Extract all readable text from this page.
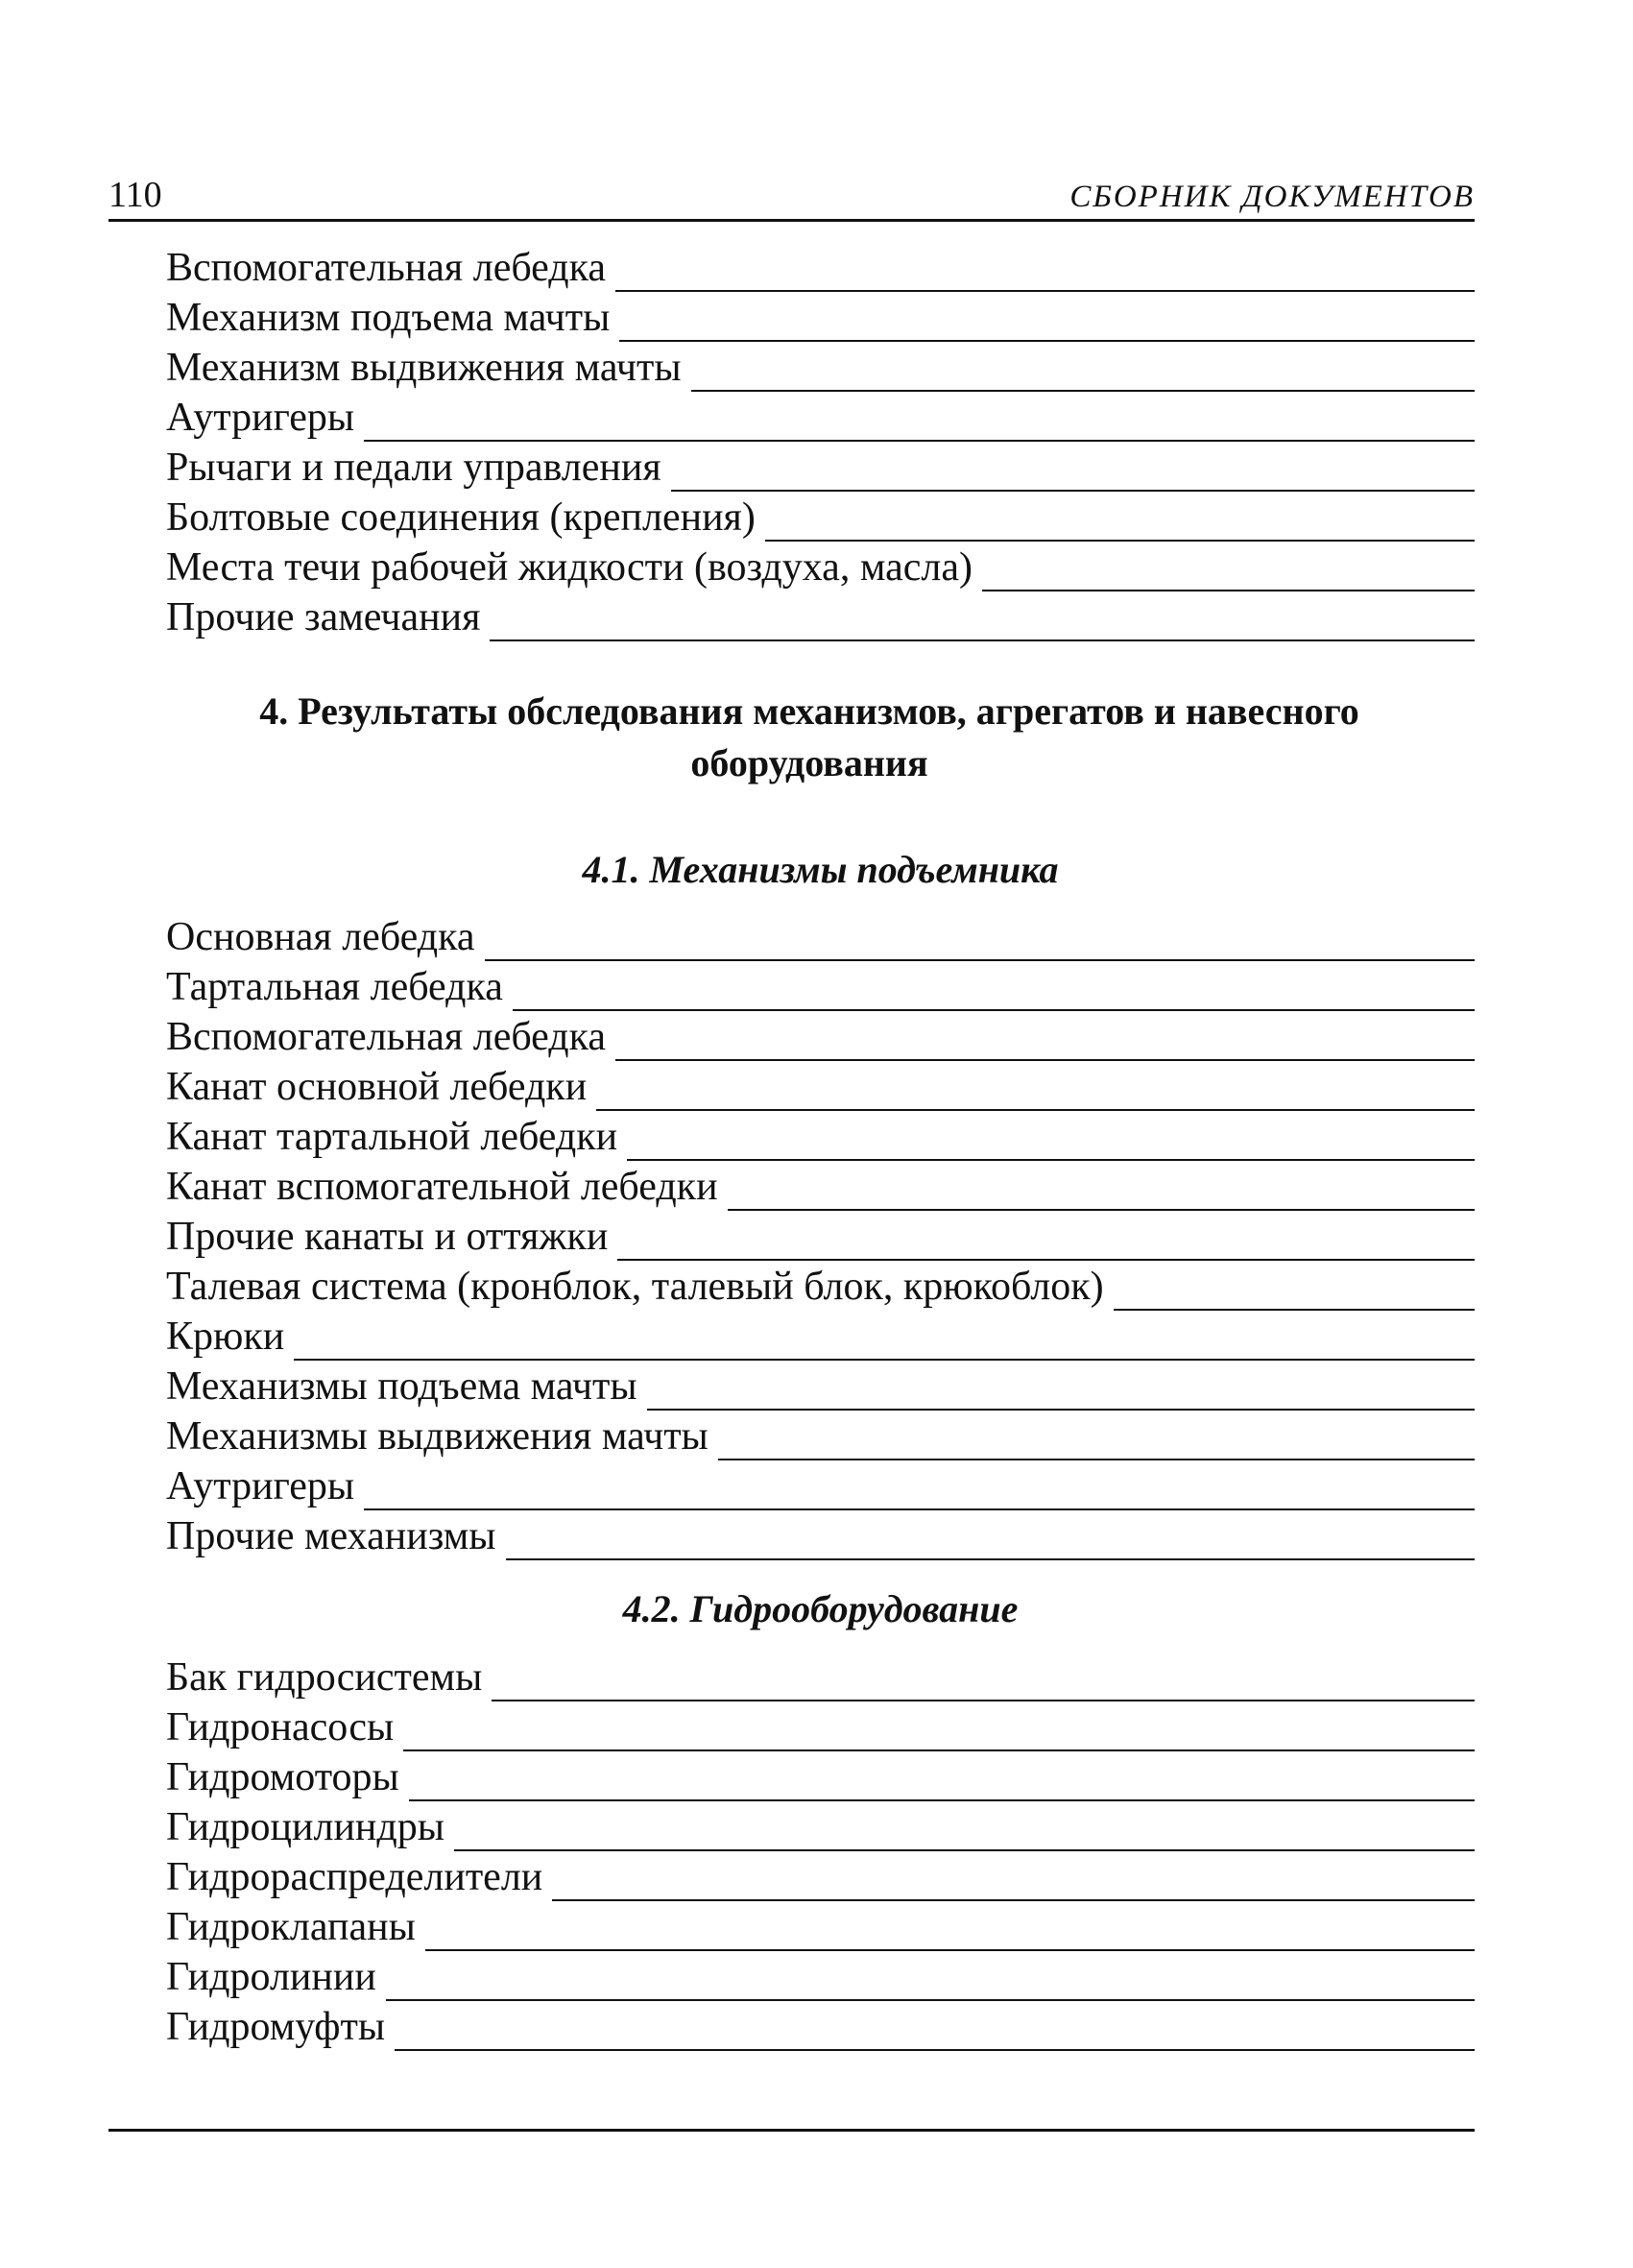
110	СБОРНИК ДОКУМЕНТОВ
Вспомогательная лебедка
Механизм подъема мачты
Механизм выдвижения мачты
Аутригеры
Рычаги и педали управления
Болтовые соединения (крепления)
Места течи рабочей жидкости (воздуха, масла)
Прочие замечания
4. Результаты обследования механизмов, агрегатов и навесного
оборудования
4.1. Механизмы подъемника
Основная лебедка
Тартальная лебедка
Вспомогательная лебедка
Канат основной лебедки
Канат тартальной лебедки
Канат вспомогательной лебедки
Прочие канаты и оттяжки
Талевая система (кронблок, талевый блок, крюкоблок)
Крюки
Механизмы подъема мачты
Механизмы выдвижения мачты
Аутригеры
Прочие механизмы
4.2. Гидрооборудование
Бак гидросистемы
Гидронасосы
Гидромоторы
Гидроцилиндры
Гидрораспределители
Гидроклапаны
Гидролинии
Гидромуфты
